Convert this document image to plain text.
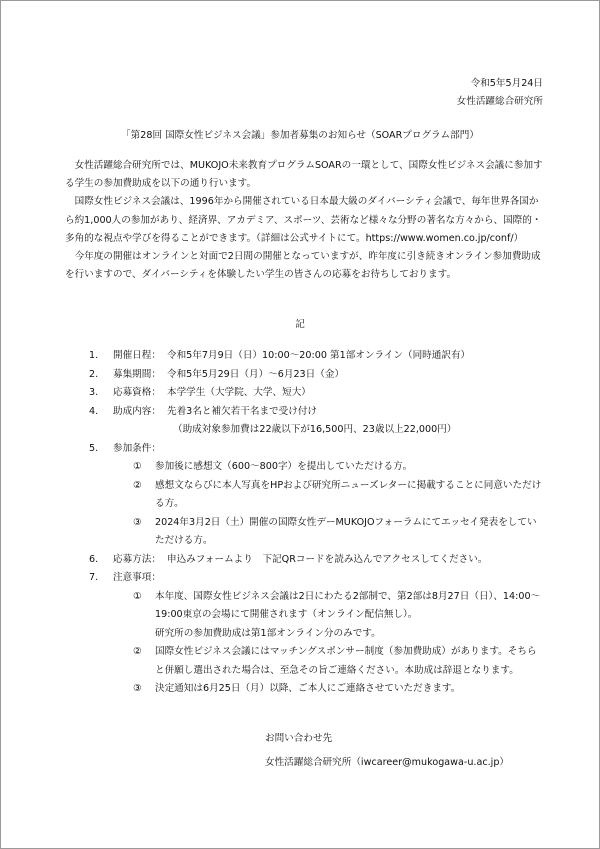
令和5年5月24日
女性活躍総合研究所
「第28回 国際女性ビジネス会議」参加者募集のお知らせ（SOARプログラム部門）

　女性活躍総合研究所では、MUKOJO未来教育プログラムSOARの一環として、国際女性ビジネス会議に参加する学生の参加費助成を以下の通り行います。

　国際女性ビジネス会議は、1996年から開催されている日本最大級のダイバーシティ会議で、毎年世界各国から約1,000人の参加があり、経済界、アカデミア、スポーツ、芸術など様々な分野の著名な方々から、国際的・多角的な視点や学びを得ることができます。（詳細は公式サイトにて。https://www.women.co.jp/conf/）

　今年度の開催はオンラインと対面で2日間の開催となっていますが、昨年度に引き続きオンライン参加費助成を行いますので、ダイバーシティを体験したい学生の皆さんの応募をお待ちしております。

記
1. 開催日程： 令和5年7月9日（日）10:00～20:00 第1部オンライン（同時通訳有）
2. 募集期間： 令和5年5月29日（月）～6月23日（金）
3. 応募資格： 本学学生（大学院、大学、短大）
4. 助成内容： 先着3名と補欠若干名まで受け付け
（助成対象参加費は22歳以下が16,500円、23歳以上22,000円）
5. 参加条件：
① 参加後に感想文（600～800字）を提出していただける方。
② 感想文ならびに本人写真をHPおよび研究所ニューズレターに掲載することに同意いただける方。
③ 2024年3月2日（土）開催の国際女性デーMUKOJOフォーラムにてエッセイ発表をしていただける方。
6. 応募方法： 申込みフォームより　下記QRコードを読み込んでアクセスしてください。
7. 注意事項：
① 本年度、国際女性ビジネス会議は2日にわたる2部制で、第2部は8月27日（日）、14:00～19:00東京の会場にて開催されます（オンライン配信無し）。
研究所の参加費助成は第1部オンライン分のみです。
② 国際女性ビジネス会議にはマッチングスポンサー制度（参加費助成）があります。そちらと併願し選出された場合は、至急その旨ご連絡ください。本助成は辞退となります。
③ 決定通知は6月25日（月）以降、ご本人にご連絡させていただきます。
お問い合わせ先
女性活躍総合研究所（iwcareer@mukogawa-u.ac.jp）
